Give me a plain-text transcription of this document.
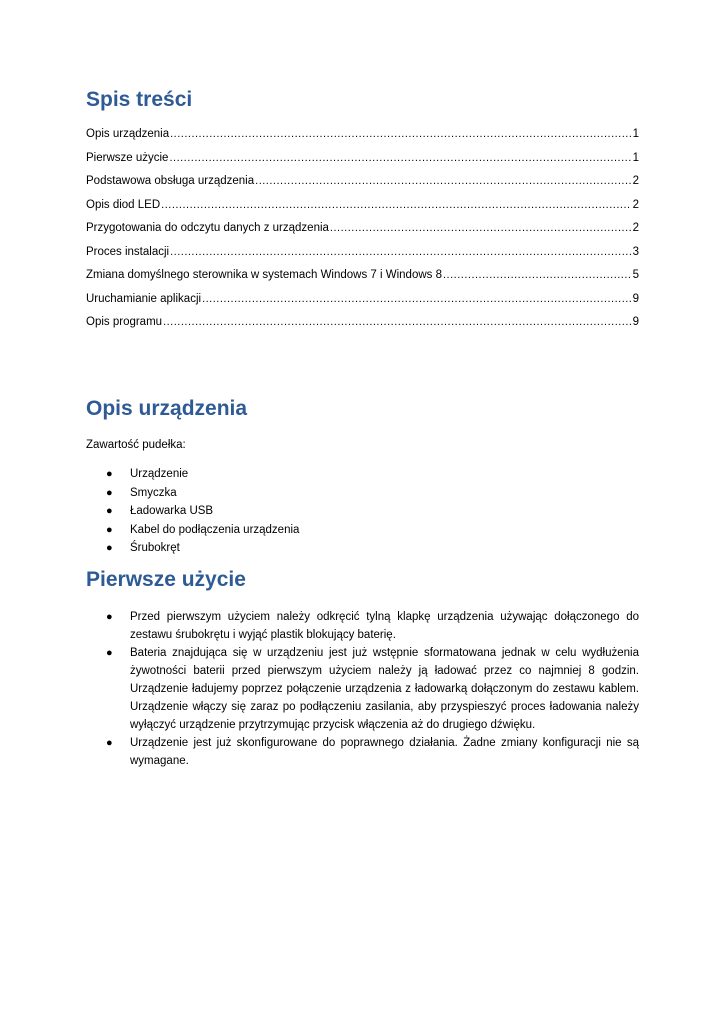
Spis treści
Opis urządzenia .....	1
Pierwsze użycie .....	1
Podstawowa obsługa urządzenia .....	2
Opis diod LED .....	2
Przygotowania do odczytu danych z urządzenia .....	2
Proces instalacji .....	3
Zmiana domyślnego sterownika w systemach Windows 7 i Windows 8 .....	5
Uruchamianie aplikacji .....	9
Opis programu .....	9
Opis urządzenia
Zawartość pudełka:
● Urządzenie
● Smyczka
● Ładowarka USB
● Kabel do podłączenia urządzenia
● Śrubokręt
Pierwsze użycie
● Przed pierwszym użyciem należy odkręcić tylną klapkę urządzenia używając dołączonego do zestawu śrubokrętu i wyjąć plastik blokujący baterię.
● Bateria znajdująca się w urządzeniu jest już wstępnie sformatowana jednak w celu wydłużenia żywotności baterii przed pierwszym użyciem należy ją ładować przez co najmniej 8 godzin. Urządzenie ładujemy poprzez połączenie urządzenia z ładowarką dołączonym do zestawu kablem. Urządzenie włączy się zaraz po podłączeniu zasilania, aby przyspieszyć proces ładowania należy wyłączyć urządzenie przytrzymując przycisk włączenia aż do drugiego dźwięku.
● Urządzenie jest już skonfigurowane do poprawnego działania. Żadne zmiany konfiguracji nie są wymagane.
